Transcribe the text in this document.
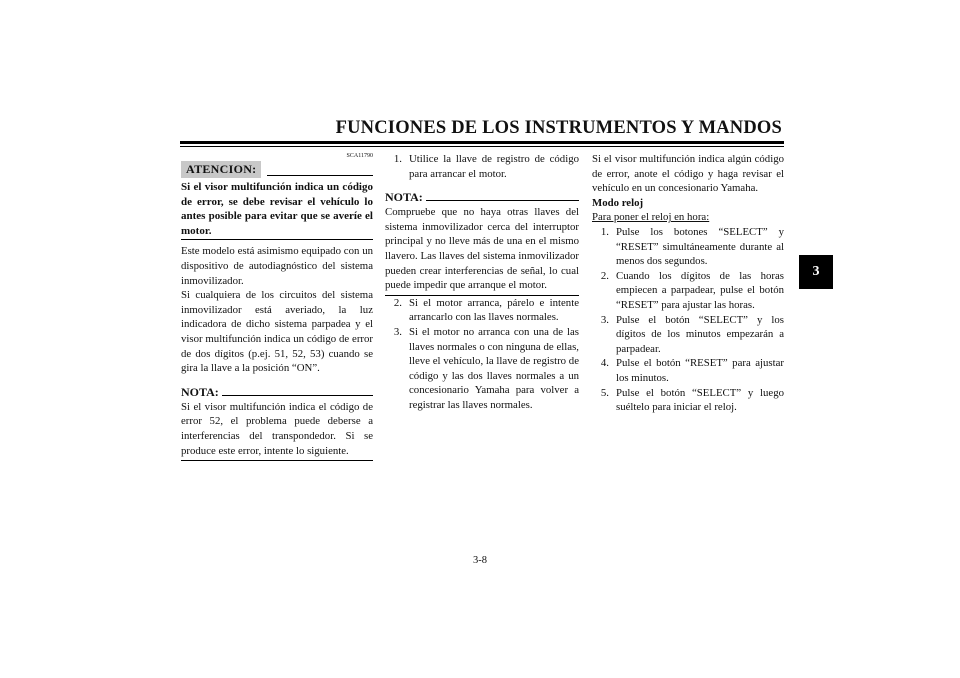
FUNCIONES DE LOS INSTRUMENTOS Y MANDOS
3
SCA11790
ATENCION:
Si el visor multifunción indica un código de error, se debe revisar el vehículo lo antes posible para evitar que se averíe el motor.

Este modelo está asimismo equipado con un dispositivo de autodiagnóstico del sistema inmovilizador.

Si cualquiera de los circuitos del sistema inmovilizador está averiado, la luz indicadora de dicho sistema parpadea y el visor multifunción indica un código de error de dos dígitos (p.ej. 51, 52, 53) cuando se gira la llave a la posición “ON”.

NOTA:

Si el visor multifunción indica el código de error 52, el problema puede deberse a interferencias del transpondedor. Si se produce este error, intente lo siguiente.

1. Utilice la llave de registro de código para arrancar el motor.
NOTA:

Compruebe que no haya otras llaves del sistema inmovilizador cerca del interruptor principal y no lleve más de una en el mismo llavero. Las llaves del sistema inmovilizador pueden crear interferencias de señal, lo cual puede impedir que arranque el motor.

2. Si el motor arranca, párelo e intente arrancarlo con las llaves normales.
3. Si el motor no arranca con una de las llaves normales o con ninguna de ellas, lleve el vehículo, la llave de registro de código y las dos llaves normales a un concesionario Yamaha para volver a registrar las llaves normales.

Si el visor multifunción indica algún código de error, anote el código y haga revisar el vehículo en un concesionario Yamaha.

Modo reloj

Para poner el reloj en hora:

1. Pulse los botones “SELECT” y “RESET” simultáneamente durante al menos dos segundos.
2. Cuando los dígitos de las horas empiecen a parpadear, pulse el botón “RESET” para ajustar las horas.
3. Pulse el botón “SELECT” y los dígitos de los minutos empezarán a parpadear.
4. Pulse el botón “RESET” para ajustar los minutos.
5. Pulse el botón “SELECT” y luego suéltelo para iniciar el reloj.
3-8
